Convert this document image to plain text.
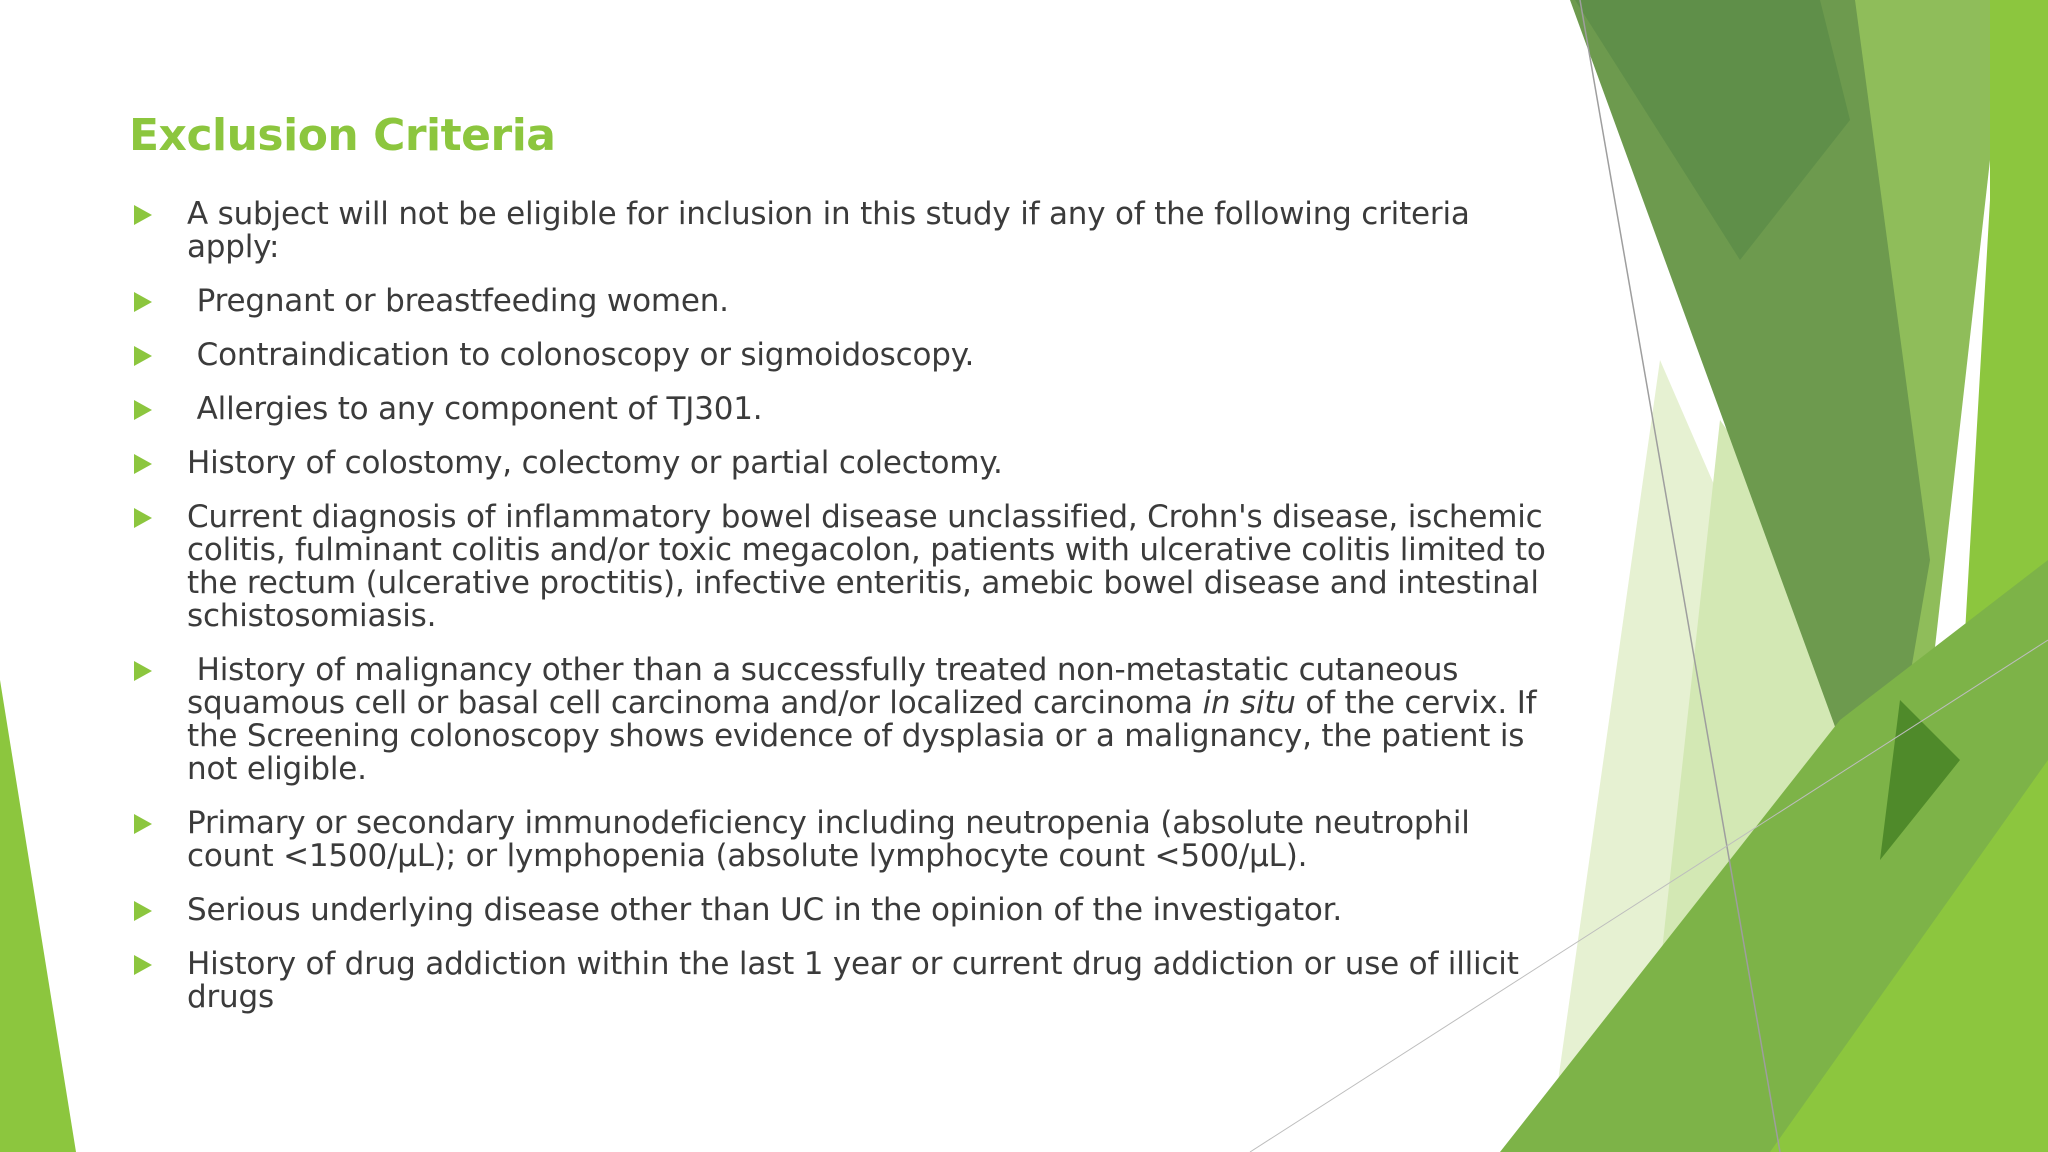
Exclusion Criteria
A subject will not be eligible for inclusion in this study if any of the following criteria apply:
Pregnant or breastfeeding women.
Contraindication to colonoscopy or sigmoidoscopy.
Allergies to any component of TJ301.
History of colostomy, colectomy or partial colectomy.
Current diagnosis of inflammatory bowel disease unclassified, Crohn's disease, ischemic colitis, fulminant colitis and/or toxic megacolon, patients with ulcerative colitis limited to the rectum (ulcerative proctitis), infective enteritis, amebic bowel disease and intestinal schistosomiasis.
History of malignancy other than a successfully treated non-metastatic cutaneous squamous cell or basal cell carcinoma and/or localized carcinoma in situ of the cervix. If the Screening colonoscopy shows evidence of dysplasia or a malignancy, the patient is not eligible.
Primary or secondary immunodeficiency including neutropenia (absolute neutrophil count <1500/μL); or lymphopenia (absolute lymphocyte count <500/μL).
Serious underlying disease other than UC in the opinion of the investigator.
History of drug addiction within the last 1 year or current drug addiction or use of illicit drugs
